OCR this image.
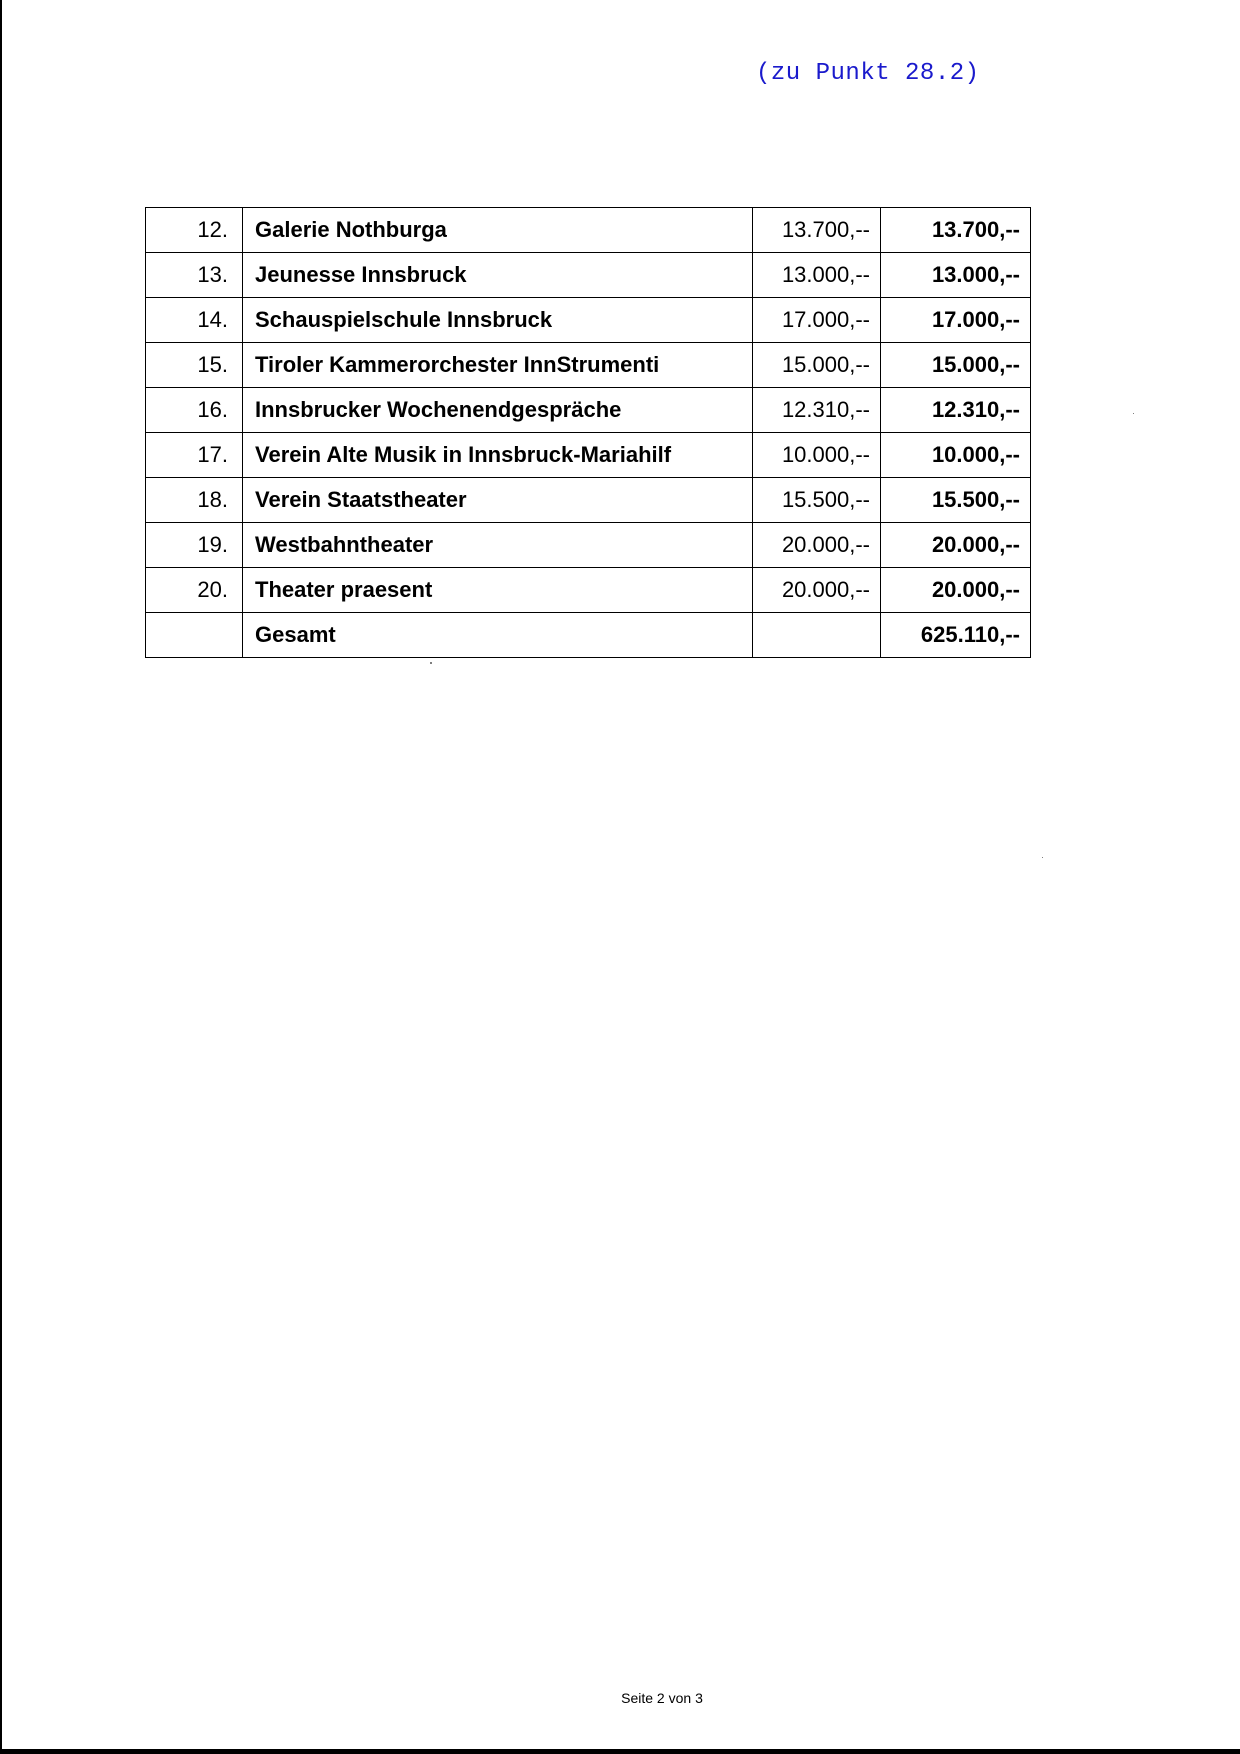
(zu Punkt 28.2)
12.	Galerie Nothburga	13.700,--	13.700,--
13.	Jeunesse Innsbruck	13.000,--	13.000,--
14.	Schauspielschule Innsbruck	17.000,--	17.000,--
15.	Tiroler Kammerorchester InnStrumenti	15.000,--	15.000,--
16.	Innsbrucker Wochenendgespräche	12.310,--	12.310,--
17.	Verein Alte Musik in Innsbruck-Mariahilf	10.000,--	10.000,--
18.	Verein Staatstheater	15.500,--	15.500,--
19.	Westbahntheater	20.000,--	20.000,--
20.	Theater praesent	20.000,--	20.000,--
	Gesamt		625.110,--
Seite 2 von 3
